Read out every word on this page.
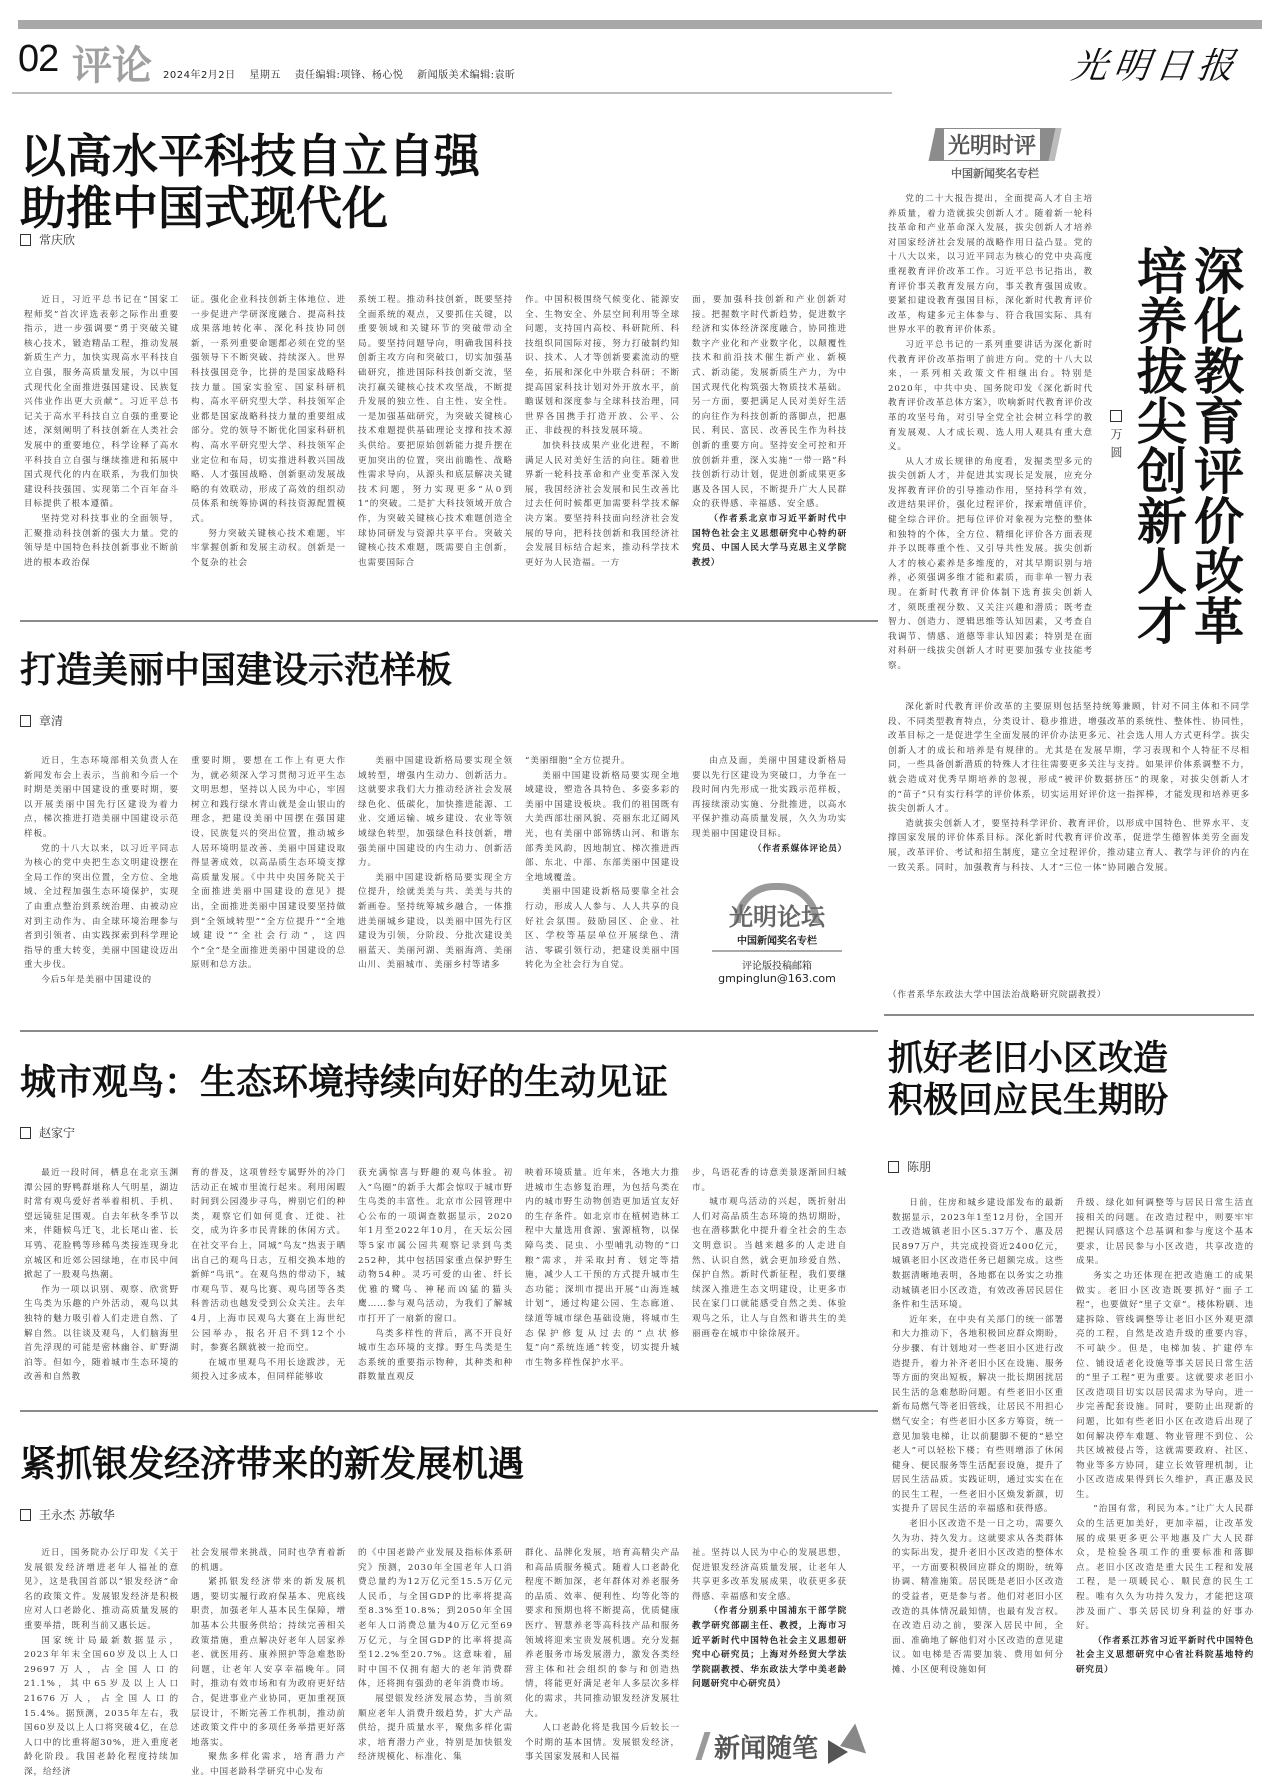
02 评论 2024年2月2日 星期五 责任编辑:项锋、杨心悦 新闻版美术编辑:袁昕	光明日报
以高水平科技自立自强
助推中国式现代化
常庆欣

近日，习近平总书记在“国家工程师奖”首次评选表彰之际作出重要指示，进一步强调要“勇于突破关键核心技术，锻造精品工程，推动发展新质生产力，加快实现高水平科技自立自强，服务高质量发展，为以中国式现代化全面推进强国建设、民族复兴伟业作出更大贡献”。习近平总书记关于高水平科技自立自强的重要论述，深刻阐明了科技创新在人类社会发展中的重要地位，科学诠释了高水平科技自立自强与继续推进和拓展中国式现代化的内在联系，为我们加快建设科技强国、实现第二个百年奋斗目标提供了根本遵循。

坚持党对科技事业的全面领导，汇聚推动科技创新的强大力量。党的领导是中国特色科技创新事业不断前进的根本政治保

证。强化企业科技创新主体地位、进一步促进产学研深度融合、提高科技成果落地转化率、深化科技协同创新，一系列重要命题都必须在党的坚强领导下不断突破、持续深入。世界科技强国竞争，比拼的是国家战略科技力量。国家实验室、国家科研机构、高水平研究型大学、科技领军企业都是国家战略科技力量的重要组成部分。党的领导不断优化国家科研机构、高水平研究型大学、科技领军企业定位和布局，切实推进科教兴国战略、人才强国战略、创新驱动发展战略的有效联动，形成了高效的组织动员体系和统筹协调的科技资源配置模式。

努力突破关键核心技术难题，牢牢掌握创新和发展主动权。创新是一个复杂的社会

系统工程。推动科技创新，既要坚持全面系统的观点，又要抓住关键，以重要领域和关键环节的突破带动全局。要坚持问题导向，明确我国科技创新主攻方向和突破口，切实加强基础研究，推进国际科技创新交流，坚决打赢关键核心技术攻坚战，不断提升发展的独立性、自主性、安全性。一是加强基础研究，为突破关键核心技术难题提供基础理论支撑和技术源头供给。要把原始创新能力提升摆在更加突出的位置，突出前瞻性、战略性需求导向，从源头和底层解决关键技术问题，努力实现更多“从0到1”的突破。二是扩大科技领域开放合作，为突破关键核心技术难题创造全球协同研发与资源共享平台。突破关键核心技术难题，既需要自主创新，也需要国际合

作。中国积极围绕气候变化、能源安全、生物安全、外层空间利用等全球问题，支持国内高校、科研院所、科技组织同国际对接，努力打破制约知识、技术、人才等创新要素流动的壁垒，拓展和深化中外联合科研；不断提高国家科技计划对外开放水平，前瞻谋划和深度参与全球科技治理，同世界各国携手打造开放、公平、公正、非歧视的科技发展环境。

加快科技成果产业化进程，不断满足人民对美好生活的向往。随着世界新一轮科技革命和产业变革深入发展，我国经济社会发展和民生改善比过去任何时候都更加需要科学技术解决方案。要坚持科技面向经济社会发展的导向，把科技创新和我国经济社会发展目标结合起来，推动科学技术更好为人民造福。一方

面，要加强科技创新和产业创新对接。把握数字时代新趋势，促进数字经济和实体经济深度融合，协同推进数字产业化和产业数字化，以颠覆性技术和前沿技术催生新产业、新模式、新动能，发展新质生产力，为中国式现代化构筑强大物质技术基础。另一方面，要把满足人民对美好生活的向往作为科技创新的落脚点，把惠民、利民、富民、改善民生作为科技创新的重要方向。坚持安全可控和开放创新并重，深入实施“一带一路”科技创新行动计划，促进创新成果更多惠及各国人民，不断提升广大人民群众的获得感、幸福感、安全感。

（作者系北京市习近平新时代中国特色社会主义思想研究中心特约研究员、中国人民大学马克思主义学院教授）

光明时评
中国新闻奖名专栏

党的二十大报告提出，全面提高人才自主培养质量，着力造就拔尖创新人才。随着新一轮科技革命和产业革命深入发展，拔尖创新人才培养对国家经济社会发展的战略作用日益凸显。党的十八大以来，以习近平同志为核心的党中央高度重视教育评价改革工作。习近平总书记指出，教育评价事关教育发展方向，事关教育强国成败。要紧扣建设教育强国目标，深化新时代教育评价改革，构建多元主体参与、符合我国实际、具有世界水平的教育评价体系。

习近平总书记的一系列重要讲话为深化新时代教育评价改革指明了前进方向。党的十八大以来，一系列相关政策文件相继出台。特别是2020年，中共中央、国务院印发《深化新时代教育评价改革总体方案》，吹响新时代教育评价改革的攻坚号角，对引导全党全社会树立科学的教育发展观、人才成长观、选人用人观具有重大意义。

从人才成长规律的角度看，发掘类型多元的拔尖创新人才，并促进其实现长足发展，应充分发挥教育评价的引导推动作用，坚持科学有效，改进结果评价，强化过程评价，探索增值评价，健全综合评价。把每位评价对象视为完整的整体和独特的个体，全方位、精细化评价各方面表现并予以既尊重个性、又引导共性发展。拔尖创新人才的核心素养是多维度的，对其早期识别与培养，必须强调多维才能和素质，而非单一智力表现。在新时代教育评价体制下选育拔尖创新人才，须既重视分数、又关注兴趣和潜质；既考查智力、创造力、逻辑思维等认知因素，又考查自我调节、情感、道德等非认知因素；特别是在面对科研一线拔尖创新人才时更要加强专业技能考察。

万圆	深化教育评价改革
培养拔尖创新人才

深化新时代教育评价改革的主要原则包括坚持统筹兼顾，针对不同主体和不同学段、不同类型教育特点，分类设计、稳步推进，增强改革的系统性、整体性、协同性，改革目标之一是促进学生全面发展的评价办法更多元、社会选人用人方式更科学。拔尖创新人才的成长和培养是有规律的。尤其是在发展早期，学习表现和个人特征不尽相同，一些具备创新潜质的特殊人才往往需要更多关注与支持。如果评价体系调整不力，就会造成对优秀早期培养的忽视，形成“被评价数据挤压”的现象，对拔尖创新人才的“苗子”只有实行科学的评价体系，切实运用好评价这一指挥棒，才能发现和培养更多拔尖创新人才。

造就拔尖创新人才，要坚持科学评价、教育评价，以形成中国特色、世界水平、支撑国家发展的评价体系目标。深化新时代教育评价改革，促进学生德智体美劳全面发展，改革评价、考试和招生制度，建立全过程评价，推动建立育人、教学与评价的内在一致关系。同时，加强教育与科技、人才“三位一体”协同融合发展。

（作者系华东政法大学中国法治战略研究院副教授）
打造美丽中国建设示范样板
章清

近日，生态环境部相关负责人在新闻发布会上表示，当前和今后一个时期是美丽中国建设的重要时期，要以开展美丽中国先行区建设为着力点，梯次推进打造美丽中国建设示范样板。

党的十八大以来，以习近平同志为核心的党中央把生态文明建设摆在全局工作的突出位置，全方位、全地域、全过程加强生态环境保护，实现了由重点整治到系统治理、由被动应对到主动作为、由全球环境治理参与者到引领者、由实践探索到科学理论指导的重大转变，美丽中国建设迈出重大步伐。

今后5年是美丽中国建设的

重要时期，要想在工作上有更大作为，就必须深入学习贯彻习近平生态文明思想，坚持以人民为中心，牢固树立和践行绿水青山就是金山银山的理念，把建设美丽中国摆在强国建设、民族复兴的突出位置，推动城乡人居环境明显改善、美丽中国建设取得显著成效，以高品质生态环境支撑高质量发展。《中共中央国务院关于全面推进美丽中国建设的意见》提出，全面推进美丽中国建设要坚持做到“全领域转型”“全方位提升”“全地域建设”“全社会行动”，这四个“全”是全面推进美丽中国建设的总原则和总方法。

美丽中国建设新格局要实现全领域转型，增强内生动力、创新活力。这就要求我们大力推动经济社会发展绿色化、低碳化，加快推进能源、工业、交通运输、城乡建设、农业等领域绿色转型，加强绿色科技创新，增强美丽中国建设的内生动力、创新活力。

美丽中国建设新格局要实现全方位提升，绘就美美与共、美美与共的新画卷。坚持统筹城乡融合，一体推进美丽城乡建设，以美丽中国先行区建设为引领，分阶段、分批次建设美丽蓝天、美丽河湖、美丽海湾、美丽山川、美丽城市、美丽乡村等诸多

“美丽细胞”全方位提升。

美丽中国建设新格局要实现全地域建设，塑造各具特色、多姿多彩的美丽中国建设板块。我们的祖国既有大美西部壮丽风貌、亮丽东北辽阔风光，也有美丽中部锦绣山河、和谐东部秀美风韵，因地制宜、梯次推进西部、东北、中部、东部美丽中国建设全地域覆盖。

美丽中国建设新格局要靠全社会行动，形成人人参与、人人共享的良好社会氛围。鼓励园区、企业、社区、学校等基层单位开展绿色、清洁、零碳引领行动，把建设美丽中国转化为全社会行为自觉。

由点及面，美丽中国建设新格局要以先行区建设为突破口，力争在一段时间内先形成一批实践示范样板，再接续滚动实施、分批推进，以高水平保护推动高质量发展，久久为功实现美丽中国建设目标。

（作者系媒体评论员）

光明论坛
中国新闻奖名专栏
评论版投稿邮箱
gmpinglun@163.com
城市观鸟：生态环境持续向好的生动见证
赵家宁

最近一段时间，栖息在北京玉渊潭公园的野鸭群堪称人气明星，湖边时常有观鸟爱好者举着相机、手机、望远镜驻足围观。自去年秋冬季节以来，伴随候鸟迁飞，北长尾山雀、长耳鸮、花脸鸭等珍稀鸟类接连现身北京城区和近郊公园绿地，在市民中间掀起了一股观鸟热潮。

作为一项以识别、观察、欣赏野生鸟类为乐趣的户外活动，观鸟以其独特的魅力吸引着人们走进自然、了解自然。以往谈及观鸟，人们脑海里首先浮现的可能是密林幽谷、旷野湖泊等。但如今，随着城市生态环境的改善和自然教

育的普及，这项曾经专属野外的冷门活动正在城市里流行起来。利用闲暇时间到公园漫步寻鸟，辨别它们的种类，观察它们如何觅食、迁徙、社交，成为许多市民青睐的休闲方式。在社交平台上，同城“鸟友”热衷于晒出自己的观鸟日志，互相交换本地的新鲜“鸟讯”。在观鸟热的带动下，城市观鸟节、观鸟比赛、观鸟团等各类科普活动也越发受到公众关注。去年4月，上海市民观鸟大赛在上海世纪公园举办，报名开启不到12个小时，参赛名额就被一抢而空。

在城市里观鸟不用长途跋涉，无须投入过多成本，但同样能够收

获充满惊喜与野趣的观鸟体验。初入“鸟圈”的新手大都会惊叹于城市野生鸟类的丰富性。北京市公园管理中心公布的一项调查数据显示，2020年1月至2022年10月，在天坛公园等5家市属公园共观察记录到鸟类252种，其中包括国家重点保护野生动物54种。灵巧可爱的山雀、纤长优雅的鹭鸟、神秘而凶猛的猫头鹰……参与观鸟活动，为我们了解城市打开了一扇新的窗口。

鸟类多样性的背后，离不开良好城市生态环境的支撑。野生鸟类是生态系统的重要指示物种，其种类和种群数量直观反

映着环境质量。近年来，各地大力推进城市生态修复治理，为包括鸟类在内的城市野生动物创造更加适宜友好的生存条件。如北京市在植树造林工程中大量选用食源、蜜源植物，以保障鸟类、昆虫、小型哺乳动物的“口粮”需求，并采取封育、划定等措施，减少人工干预的方式提升城市生态功能；深圳市提出开展“山海连城计划”，通过构建公园、生态廊道、绿道等城市绿色基础设施，将城市生态保护修复从过去的“点状修复”向“系统连通”转变，切实提升城市生物多样性保护水平。

步，鸟语花香的诗意美景逐渐回归城市。

城市观鸟活动的兴起，既折射出人们对高品质生态环境的热切期盼，也在潜移默化中提升着全社会的生态文明意识。当越来越多的人走进自然、认识自然，就会更加珍爱自然、保护自然。新时代新征程，我们要继续深入推进生态文明建设，让更多市民在家门口就能感受自然之美、体验观鸟之乐，让人与自然和谐共生的美丽画卷在城市中徐徐展开。

抓好老旧小区改造
积极回应民生期盼
陈朋

日前，住房和城乡建设部发布的最新数据显示，2023年1至12月份，全国开工改造城镇老旧小区5.37万个、惠及居民897万户，共完成投资近2400亿元，城镇老旧小区改造任务已超额完成。这些数据清晰地表明，各地都在以务实之功推动城镇老旧小区改造，有效改善居民居住条件和生活环境。

近年来，在中央有关部门的统一部署和大力推动下，各地积极回应群众期盼，分步骤、有计划地对一些老旧小区进行改造提升，着力补齐老旧小区在设施、服务等方面的突出短板，解决一批长期困扰居民生活的急难愁盼问题。有些老旧小区重新布局燃气等老旧管线，让居民不用担心燃气安全；有些老旧小区多方筹资，统一意见加装电梯，让以前腿脚不便的“悬空老人”可以轻松下楼；有些则增添了休闲健身、便民服务等生活配套设施，提升了居民生活品质。实践证明，通过实实在在的民生工程，一些老旧小区焕发新颜，切实提升了居民生活的幸福感和获得感。

老旧小区改造不是一日之功，需要久久为功、持久发力。这就要求从各类群体的实际出发，提升老旧小区改造的整体水平，一方面要积极回应群众的期盼，统筹协调、精准施策。居民既是老旧小区改造的受益者，更是参与者。他们对老旧小区改造的具体情况最知情，也最有发言权。在改造启动之前，要深入居民中间，全面、准确地了解他们对小区改造的意见建议。如电梯是否需要加装、费用如何分摊、小区便利设施如何

升级、绿化如何调整等与居民日常生活直接相关的问题。在改造过程中，则要牢牢把握认同感这个总基调和参与度这个基本要求，让居民参与小区改造，共享改造的成果。

务实之功还体现在把改造施工的成果做实。老旧小区改造既要抓好“面子工程”，也要做好“里子文章”。楼体粉刷、违建拆除、管线调整等让老旧小区外观更漂亮的工程，自然是改造升级的重要内容，不可缺少。但是，电梯加装、扩建停车位、铺设适老化设施等事关居民日常生活的“里子工程”更为重要。这就要求老旧小区改造项目切实以居民需求为导向，进一步完善配套设施。同时，要防止出现新的问题，比如有些老旧小区在改造后出现了如何解决停车难题、物业管理不到位、公共区域被侵占等，这就需要政府、社区、物业等多方协同，建立长效管理机制，让小区改造成果得到长久维护，真正惠及民生。

“治国有常，利民为本。”让广大人民群众的生活更加美好，更加幸福，让改革发展的成果更多更公平地惠及广大人民群众，是检验各项工作的重要标准和落脚点。老旧小区改造是重大民生工程和发展工程，是一项暖民心、顺民意的民生工程。唯有久久为功持久发力，才能把这项涉及面广、事关居民切身利益的好事办好。

（作者系江苏省习近平新时代中国特色社会主义思想研究中心省社科院基地特约研究员）

紧抓银发经济带来的新发展机遇
王永杰 苏敏华

近日，国务院办公厅印发《关于发展银发经济增进老年人福祉的意见》，这是我国首部以“银发经济”命名的政策文件。发展银发经济是积极应对人口老龄化、推动高质量发展的重要举措，既利当前又惠长远。

国家统计局最新数据显示，2023年年末全国60岁及以上人口29697万人，占全国人口的21.1%，其中65岁及以上人口21676万人，占全国人口的15.4%。据预测，2035年左右，我国60岁及以上人口将突破4亿，在总人口中的比重将超30%，进入重度老龄化阶段。我国老龄化程度持续加深，给经济

社会发展带来挑战，同时也孕育着新的机遇。

紧抓银发经济带来的新发展机遇，要切实履行政府保基本、兜底线职责，加强老年人基本民生保障，增加基本公共服务供给；持续完善相关政策措施，重点解决好老年人居家养老、就医用药、康养照护等急难愁盼问题，让老年人安享幸福晚年。同时，推动有效市场和有为政府更好结合，促进事业产业协同，更加重视顶层设计，不断完善工作机制，推动前述政策文件中的多项任务举措更好落地落实。

聚焦多样化需求，培育潜力产业。中国老龄科学研究中心发布

的《中国老龄产业发展及指标体系研究》预测，2030年全国老年人口消费总量约为12万亿元至15.5万亿元人民币，与全国GDP的比率将提高至8.3%至10.8%；到2050年全国老年人口消费总量为40万亿元至69万亿元，与全国GDP的比率将提高至12.2%至20.7%。这意味着，届时中国不仅拥有超大的老年消费群体，还将拥有强劲的老年消费市场。

展望银发经济发展态势，当前须顺应老年人消费升级趋势，扩大产品供给，提升质量水平，聚焦多样化需求，培育潜力产业，特别是加快银发经济规模化、标准化、集

群化、品牌化发展，培育高精尖产品和高品质服务模式。随着人口老龄化程度不断加深，老年群体对养老服务的品质、效率、便利性、均等化等的要求和预期也将不断提高，优质健康医疗、智慧养老等高科技产品和服务领域将迎来宝贵发展机遇。充分发掘养老服务市场发展潜力，激发各类经营主体和社会组织的参与和创造热情，将能更好满足老年人多层次多样化的需求，共同推动银发经济发展壮大。

人口老龄化将是我国今后较长一个时期的基本国情。发展银发经济，事关国家发展和人民福

祉。坚持以人民为中心的发展思想，促进银发经济高质量发展，让老年人共享更多改革发展成果，收获更多获得感、幸福感和安全感。

（作者分别系中国浦东干部学院教学研究部副主任、教授，上海市习近平新时代中国特色社会主义思想研究中心研究员；上海对外经贸大学法学院副教授、华东政法大学中美老龄问题研究中心研究员）

新闻随笔
